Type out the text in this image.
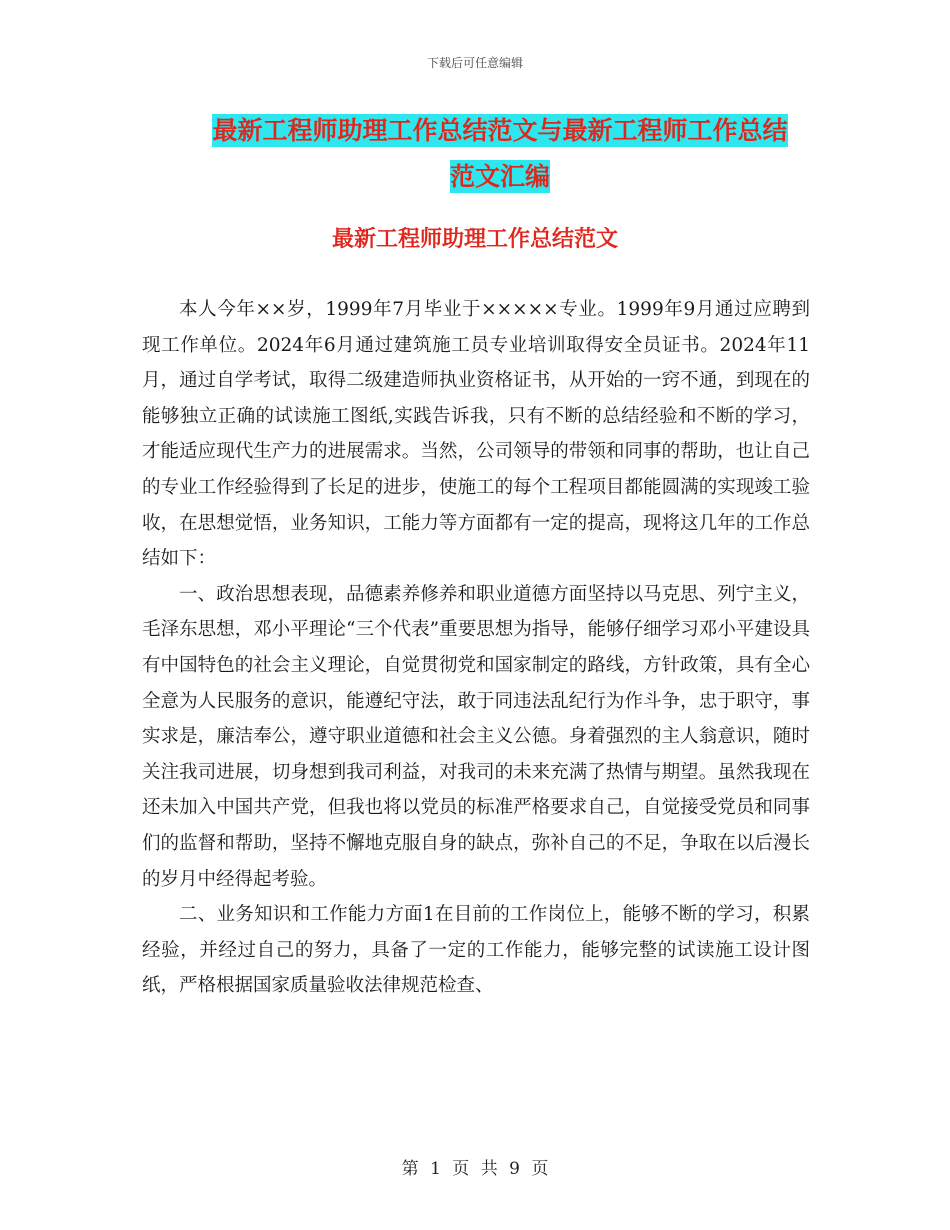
下载后可任意编辑
最新工程师助理工作总结范文与最新工程师工作总结
范文汇编
最新工程师助理工作总结范文

本人今年××岁，1999年7月毕业于×××××专业。1999年9月通过应聘到现工作单位。2024年6月通过建筑施工员专业培训取得安全员证书。2024年11月，通过自学考试，取得二级建造师执业资格证书，从开始的一窍不通，到现在的能够独立正确的试读施工图纸,实践告诉我，只有不断的总结经验和不断的学习，才能适应现代生产力的进展需求。当然，公司领导的带领和同事的帮助，也让自己的专业工作经验得到了长足的进步，使施工的每个工程项目都能圆满的实现竣工验收，在思想觉悟，业务知识，工能力等方面都有一定的提高，现将这几年的工作总结如下：

一、政治思想表现，品德素养修养和职业道德方面坚持以马克思、列宁主义，毛泽东思想，邓小平理论“三个代表”重要思想为指导，能够仔细学习邓小平建设具有中国特色的社会主义理论，自觉贯彻党和国家制定的路线，方针政策，具有全心全意为人民服务的意识，能遵纪守法，敢于同违法乱纪行为作斗争，忠于职守，事实求是，廉洁奉公，遵守职业道德和社会主义公德。身着强烈的主人翁意识，随时关注我司进展，切身想到我司利益，对我司的未来充满了热情与期望。虽然我现在还未加入中国共产党，但我也将以党员的标准严格要求自己，自觉接受党员和同事们的监督和帮助，坚持不懈地克服自身的缺点，弥补自己的不足，争取在以后漫长的岁月中经得起考验。

二、业务知识和工作能力方面1在目前的工作岗位上，能够不断的学习，积累经验，并经过自己的努力，具备了一定的工作能力，能够完整的试读施工设计图纸，严格根据国家质量验收法律规范检查、

第 1 页 共 9 页
